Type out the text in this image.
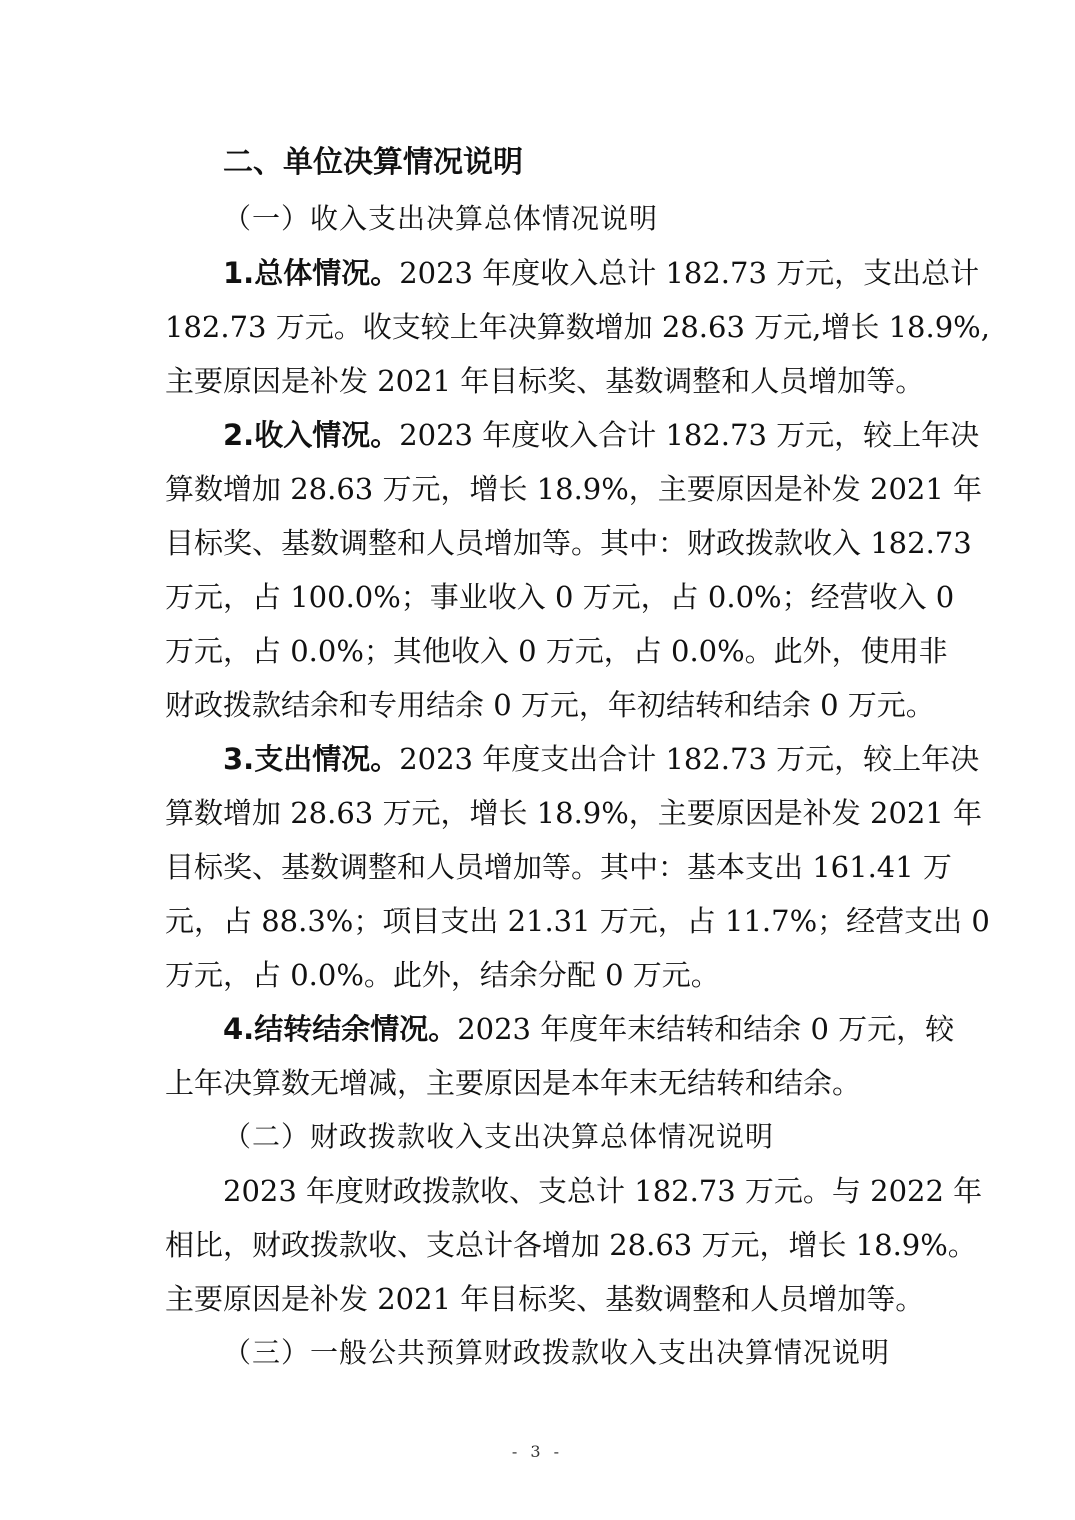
二、单位决算情况说明
（一）收入支出决算总体情况说明
1.总体情况。2023 年度收入总计 182.73 万元，支出总计
182.73 万元。收支较上年决算数增加 28.63 万元,增长 18.9%,
主要原因是补发 2021 年目标奖、基数调整和人员增加等。
2.收入情况。2023 年度收入合计 182.73 万元，较上年决
算数增加 28.63 万元，增长 18.9%，主要原因是补发 2021 年
目标奖、基数调整和人员增加等。其中：财政拨款收入 182.73
万元，占 100.0%；事业收入 0 万元，占 0.0%；经营收入 0
万元，占 0.0%；其他收入 0 万元，占 0.0%。此外，使用非
财政拨款结余和专用结余 0 万元，年初结转和结余 0 万元。
3.支出情况。2023 年度支出合计 182.73 万元，较上年决
算数增加 28.63 万元，增长 18.9%，主要原因是补发 2021 年
目标奖、基数调整和人员增加等。其中：基本支出 161.41 万
元，占 88.3%；项目支出 21.31 万元，占 11.7%；经营支出 0
万元，占 0.0%。此外，结余分配 0 万元。
4.结转结余情况。2023 年度年末结转和结余 0 万元，较
上年决算数无增减，主要原因是本年末无结转和结余。
（二）财政拨款收入支出决算总体情况说明
2023 年度财政拨款收、支总计 182.73 万元。与 2022 年
相比，财政拨款收、支总计各增加 28.63 万元，增长 18.9%。
主要原因是补发 2021 年目标奖、基数调整和人员增加等。
（三）一般公共预算财政拨款收入支出决算情况说明
- 3 -
